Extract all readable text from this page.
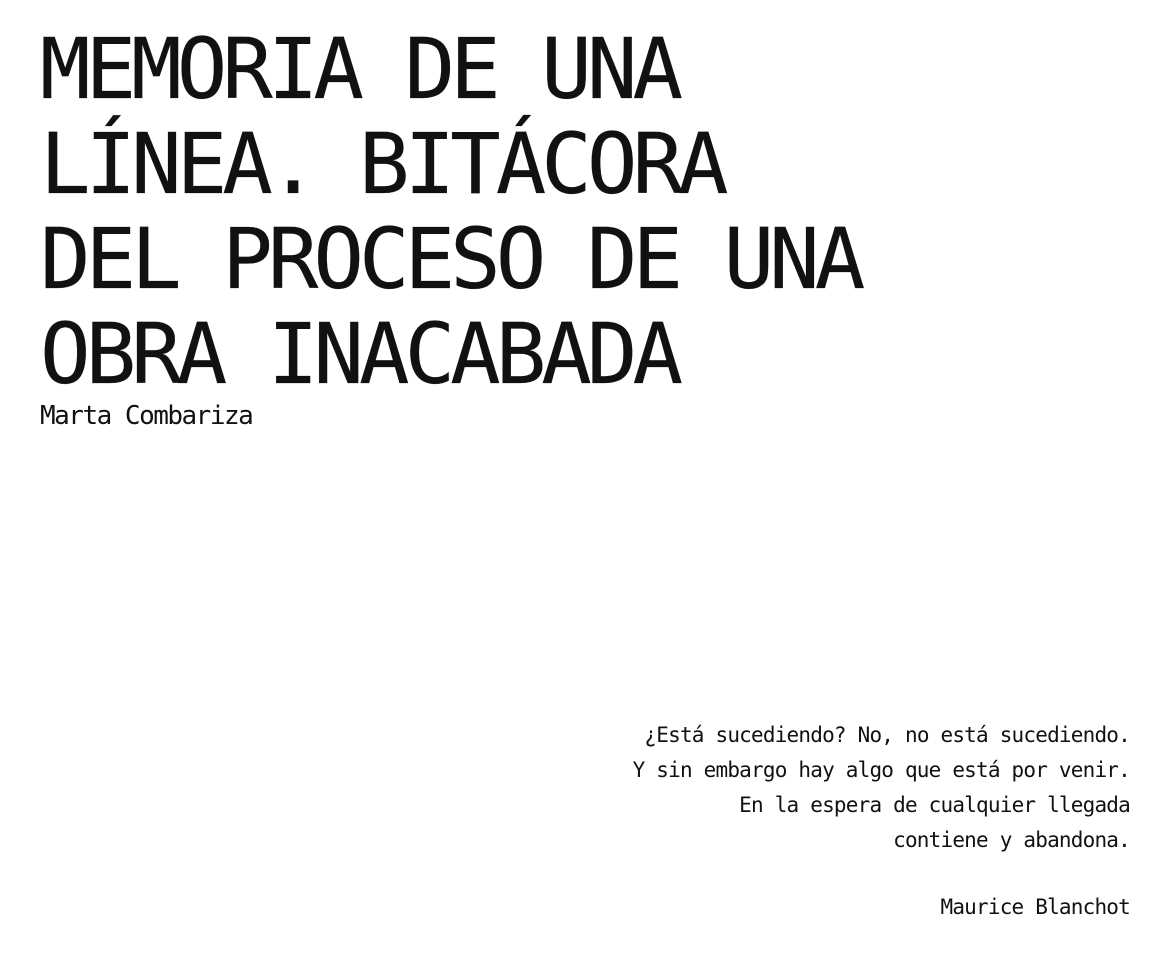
MEMORIA DE UNA
LÍNEA. BITÁCORA
DEL PROCESO DE UNA
OBRA INACABADA
Marta Combariza
¿Está sucediendo? No, no está sucediendo.
Y sin embargo hay algo que está por venir.
En la espera de cualquier llegada
contiene y abandona.
Maurice Blanchot
